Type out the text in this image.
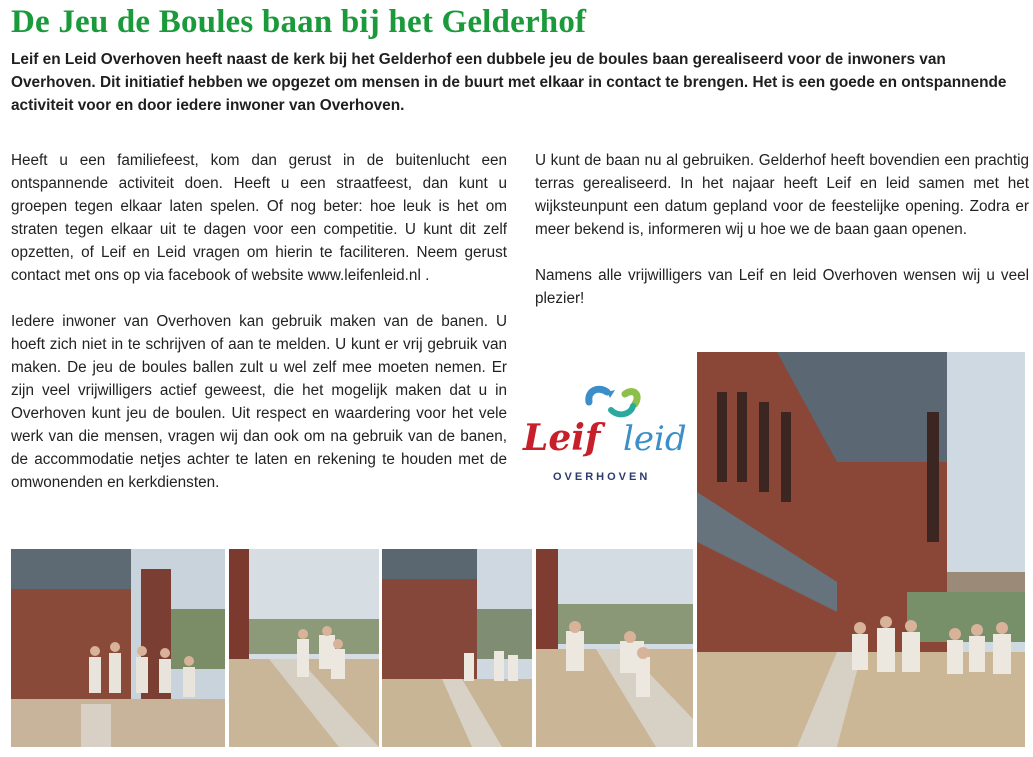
De Jeu de Boules baan bij het Gelderhof

Leif en Leid Overhoven heeft naast de kerk bij het Gelderhof een dubbele jeu de boules baan gerealiseerd voor de inwoners van Overhoven. Dit initiatief hebben we opgezet om mensen in de buurt met elkaar in contact te brengen. Het is een goede en ontspannende activiteit voor en door iedere inwoner van Overhoven.

Heeft u een familiefeest, kom dan gerust in de buitenlucht een ontspannende activiteit doen. Heeft u een straatfeest, dan kunt u groepen tegen elkaar laten spelen. Of nog beter: hoe leuk is het om straten tegen elkaar uit te dagen voor een competitie. U kunt dit zelf opzetten, of Leif en Leid vragen om hierin te faciliteren. Neem gerust contact met ons op via facebook of website www.leifenleid.nl .

Iedere inwoner van Overhoven kan gebruik maken van de banen. U hoeft zich niet in te schrijven of aan te melden. U kunt er vrij gebruik van maken. De jeu de boules ballen zult u wel zelf mee moeten nemen. Er zijn veel vrijwilligers actief geweest, die het mogelijk maken dat u in Overhoven kunt jeu de boulen. Uit respect en waardering voor het vele werk van die mensen, vragen wij dan ook om na gebruik van de banen, de accommodatie netjes achter te laten en rekening te houden met de omwonenden en kerkdiensten.

U kunt de baan nu al gebruiken. Gelderhof heeft bovendien een prachtig terras gerealiseerd. In het najaar heeft Leif en leid samen met het wijksteunpunt een datum gepland voor de feestelijke opening. Zodra er meer bekend is, informeren wij u hoe we de baan gaan openen.

Namens alle vrijwilligers van Leif en leid Overhoven wensen wij u veel plezier!

Leif en leid
OVERHOVEN
